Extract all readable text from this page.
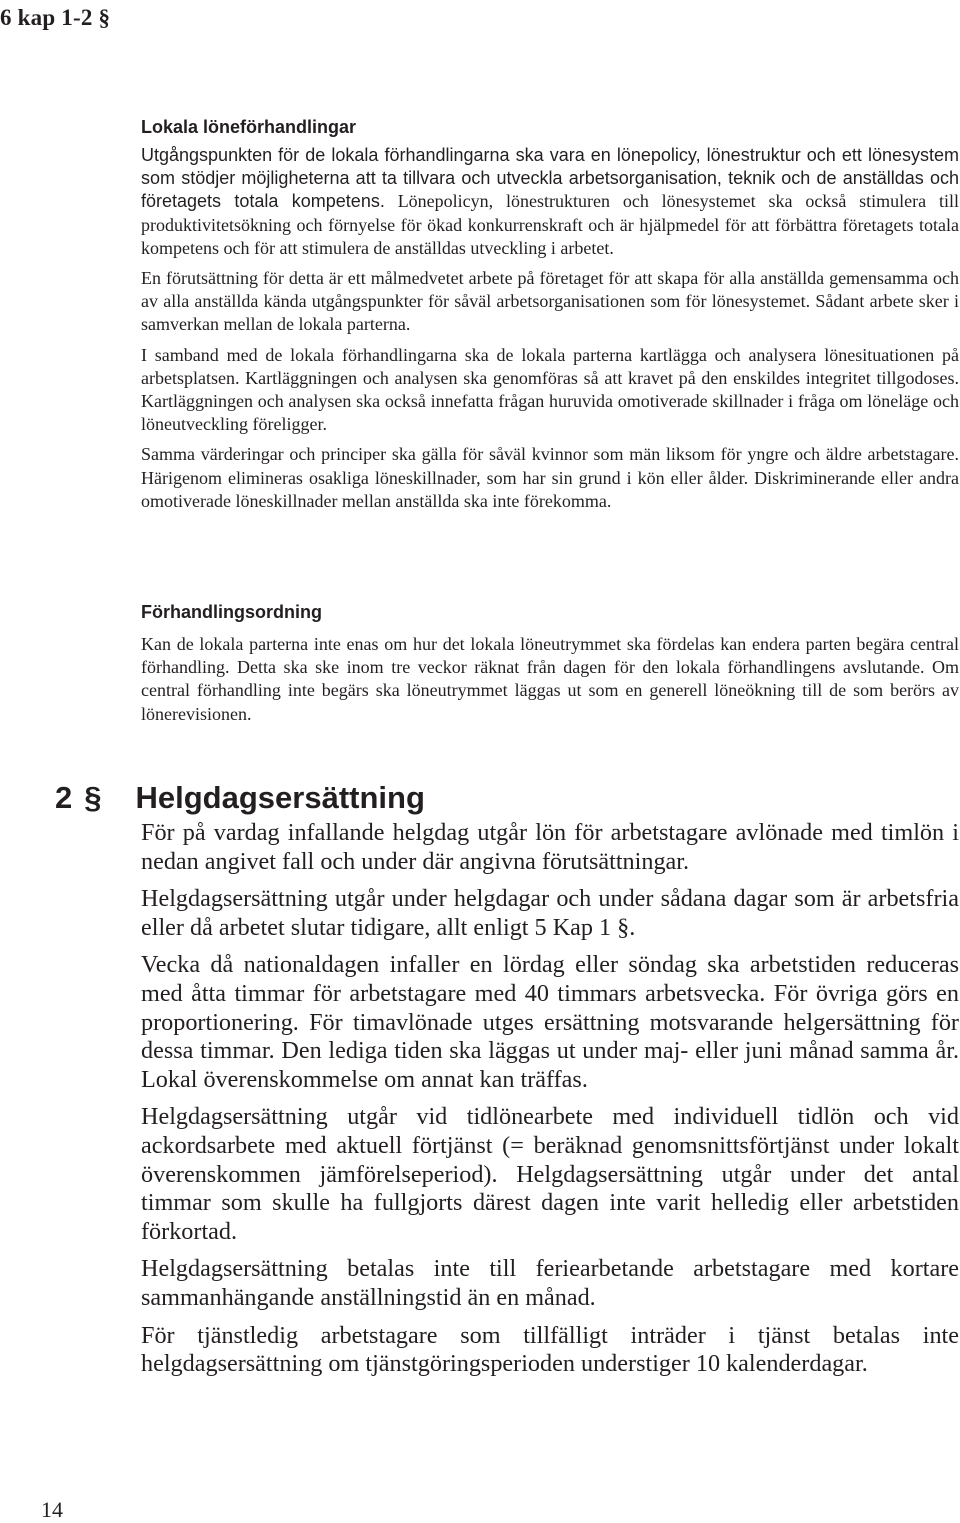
6 kap 1-2 §
Lokala löneförhandlingar

Utgångspunkten för de lokala förhandlingarna ska vara en lönepolicy, lönestruktur och ett lönesystem som stödjer möjligheterna att ta tillvara och utveckla arbetsorganisation, teknik och de anställdas och företagets totala kompetens. Lönepolicyn, lönestrukturen och lönesystemet ska också stimulera till produktivitetsökning och förnyelse för ökad konkurrenskraft och är hjälpmedel för att förbättra företagets totala kompetens och för att stimulera de anställdas utveckling i arbetet.

En förutsättning för detta är ett målmedvetet arbete på företaget för att skapa för alla anställda gemensamma och av alla anställda kända utgångspunkter för såväl arbetsorganisationen som för lönesystemet. Sådant arbete sker i samverkan mellan de lokala parterna.

I samband med de lokala förhandlingarna ska de lokala parterna kartlägga och analysera lönesituationen på arbetsplatsen. Kartläggningen och analysen ska genomföras så att kravet på den enskildes integritet tillgodoses. Kartläggningen och analysen ska också innefatta frågan huruvida omotiverade skillnader i fråga om löneläge och löneutveckling föreligger.

Samma värderingar och principer ska gälla för såväl kvinnor som män liksom för yngre och äldre arbetstagare. Härigenom elimineras osakliga löneskillnader, som har sin grund i kön eller ålder. Diskriminerande eller andra omotiverade löneskillnader mellan anställda ska inte förekomma.

Förhandlingsordning

Kan de lokala parterna inte enas om hur det lokala löneutrymmet ska fördelas kan endera parten begära central förhandling. Detta ska ske inom tre veckor räknat från dagen för den lokala förhandlingens avslutande. Om central förhandling inte begärs ska löneutrymmet läggas ut som en generell löneökning till de som berörs av lönerevisionen.

2 § Helgdagsersättning

För på vardag infallande helgdag utgår lön för arbetstagare avlönade med timlön i nedan angivet fall och under där angivna förutsättningar.

Helgdagsersättning utgår under helgdagar och under sådana dagar som är arbetsfria eller då arbetet slutar tidigare, allt enligt 5 Kap 1 §.

Vecka då nationaldagen infaller en lördag eller söndag ska arbetstiden reduceras med åtta timmar för arbetstagare med 40 timmars arbetsvecka. För övriga görs en proportionering. För timavlönade utges ersättning motsvarande helgersättning för dessa timmar. Den lediga tiden ska läggas ut under maj- eller juni månad samma år. Lokal överenskommelse om annat kan träffas.

Helgdagsersättning utgår vid tidlönearbete med individuell tidlön och vid ackordsarbete med aktuell förtjänst (= beräknad genomsnittsförtjänst under lokalt överenskommen jämförelseperiod). Helgdagsersättning utgår under det antal timmar som skulle ha fullgjorts därest dagen inte varit helledig eller arbetstiden förkortad.

Helgdagsersättning betalas inte till feriearbetande arbetstagare med kortare sammanhängande anställningstid än en månad.

För tjänstledig arbetstagare som tillfälligt inträder i tjänst betalas inte helgdagsersättning om tjänstgöringsperioden understiger 10 kalenderdagar.

14
